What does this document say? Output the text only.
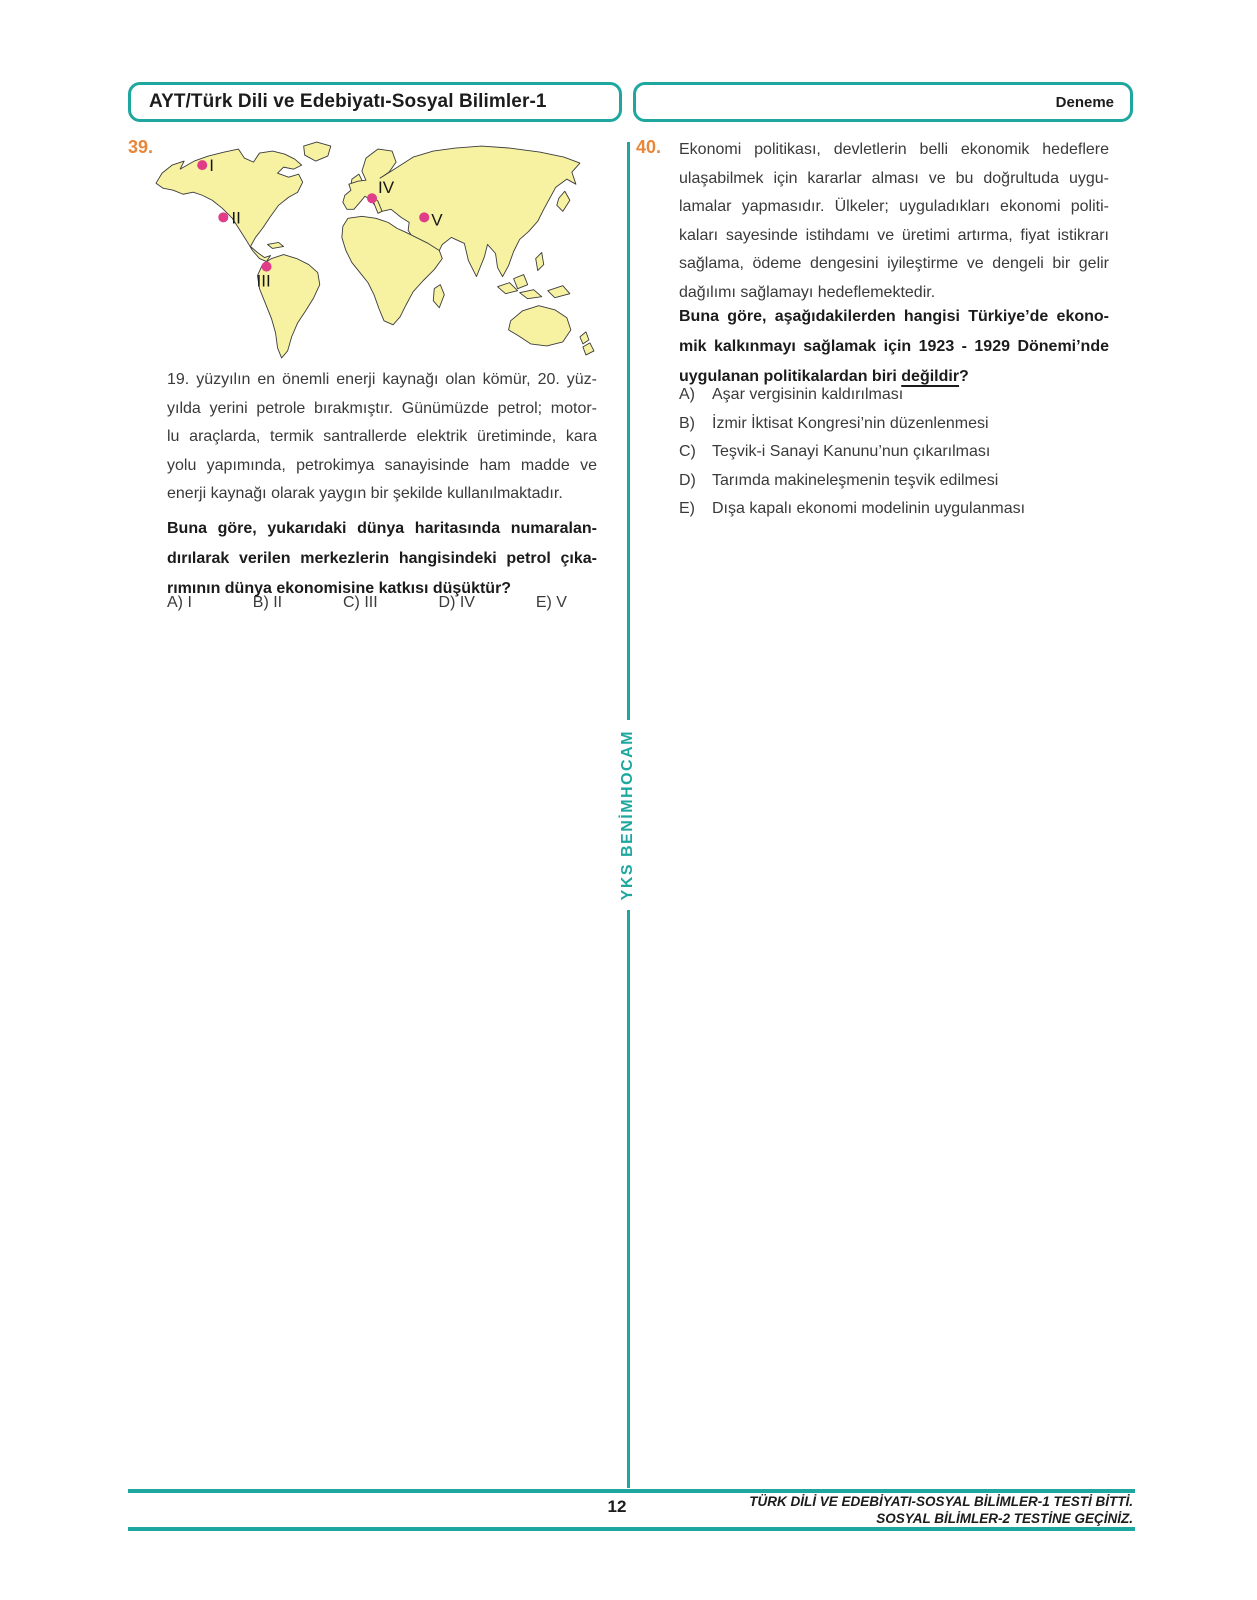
AYT/Türk Dili ve Edebiyatı-Sosyal Bilimler-1	Deneme
39.
I
II
III
IV
V
19. yüzyılın en önemli enerji kaynağı olan kömür, 20. yüz-
yılda yerini petrole bırakmıştır. Günümüzde petrol; motor-
lu araçlarda, termik santrallerde elektrik üretiminde, kara
yolu yapımında, petrokimya sanayisinde ham madde ve
enerji kaynağı olarak yaygın bir şekilde kullanılmaktadır.
Buna göre, yukarıdaki dünya haritasında numaralan-
dırılarak verilen merkezlerin hangisindeki petrol çıka-
rımının dünya ekonomisine katkısı düşüktür?
A) I	B) II	C) III	D) IV	E) V
40. Ekonomi politikası, devletlerin belli ekonomik hedeflere
ulaşabilmek için kararlar alması ve bu doğrultuda uygu-
lamalar yapmasıdır. Ülkeler; uyguladıkları ekonomi politi-
kaları sayesinde istihdamı ve üretimi artırma, fiyat istikrarı
sağlama, ödeme dengesini iyileştirme ve dengeli bir gelir
dağılımı sağlamayı hedeflemektedir.
Buna göre, aşağıdakilerden hangisi Türkiye’de ekono-
mik kalkınmayı sağlamak için 1923 - 1929 Dönemi’nde
uygulanan politikalardan biri değildir?
A)	Aşar vergisinin kaldırılması
B)	İzmir İktisat Kongresi’nin düzenlenmesi
C)	Teşvik-i Sanayi Kanunu’nun çıkarılması
D)	Tarımda makineleşmenin teşvik edilmesi
E)	Dışa kapalı ekonomi modelinin uygulanması
YKS BENİMHOCAM
12	TÜRK DİLİ VE EDEBİYATI-SOSYAL BİLİMLER-1 TESTİ BİTTİ.
SOSYAL BİLİMLER-2 TESTİNE GEÇİNİZ.
